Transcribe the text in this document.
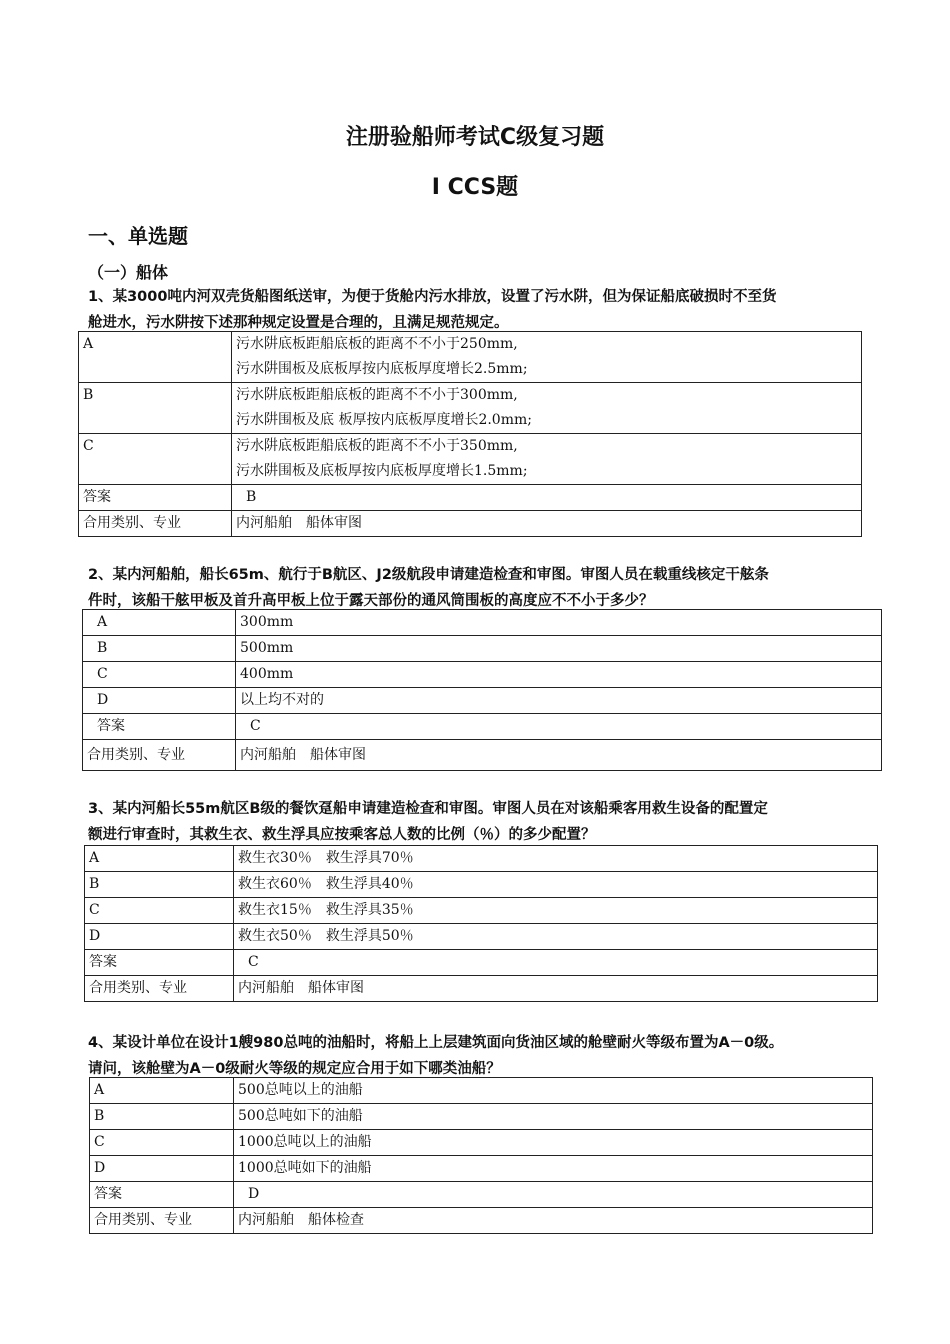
注册验船师考试C级复习题
Ⅰ CCS题
一、单选题
（一）船体
1、某3000吨内河双壳货船图纸送审，为便于货舱内污水排放，设置了污水阱，但为保证船底破损时不至货
舱进水，污水阱按下述那种规定设置是合理的，且满足规范规定。
A	污水阱底板距船底板的距离不不小于250mm,
污水阱围板及底板厚按内底板厚度增长2.5mm;

B	污水阱底板距船底板的距离不不小于300mm,
污水阱围板及底 板厚按内底板厚度增长2.0mm;

C	污水阱底板距船底板的距离不不小于350mm,
污水阱围板及底板厚按内底板厚度增长1.5mm;

答案	B

合用类别、专业	内河船舶　船体审图
2、某内河船舶，船长65m、航行于B航区、J2级航段申请建造检查和审图。审图人员在载重线核定干舷条
件时，该船干舷甲板及首升高甲板上位于露天部份的通风筒围板的高度应不不小于多少？
A	300mm

B	500mm

C	400mm

D	以上均不对的

答案	C

合用类别、专业	内河船舶　船体审图
3、某内河船长55m航区B级的餐饮趸船申请建造检查和审图。审图人员在对该船乘客用救生设备的配置定
额进行审查时，其救生衣、救生浮具应按乘客总人数的比例（％）的多少配置？
A	救生衣30％　救生浮具70％

B	救生衣60％　救生浮具40％

C	救生衣15％　救生浮具35％

D	救生衣50％　救生浮具50％

答案	C

合用类别、专业	内河船舶　船体审图
4、某设计单位在设计1艘980总吨的油船时，将船上上层建筑面向货油区域的舱壁耐火等级布置为A－0级。
请问，该舱壁为A－0级耐火等级的规定应合用于如下哪类油船？
A	500总吨以上的油船

B	500总吨如下的油船

C	1000总吨以上的油船

D	1000总吨如下的油船

答案	D

合用类别、专业	内河船舶　船体检查
